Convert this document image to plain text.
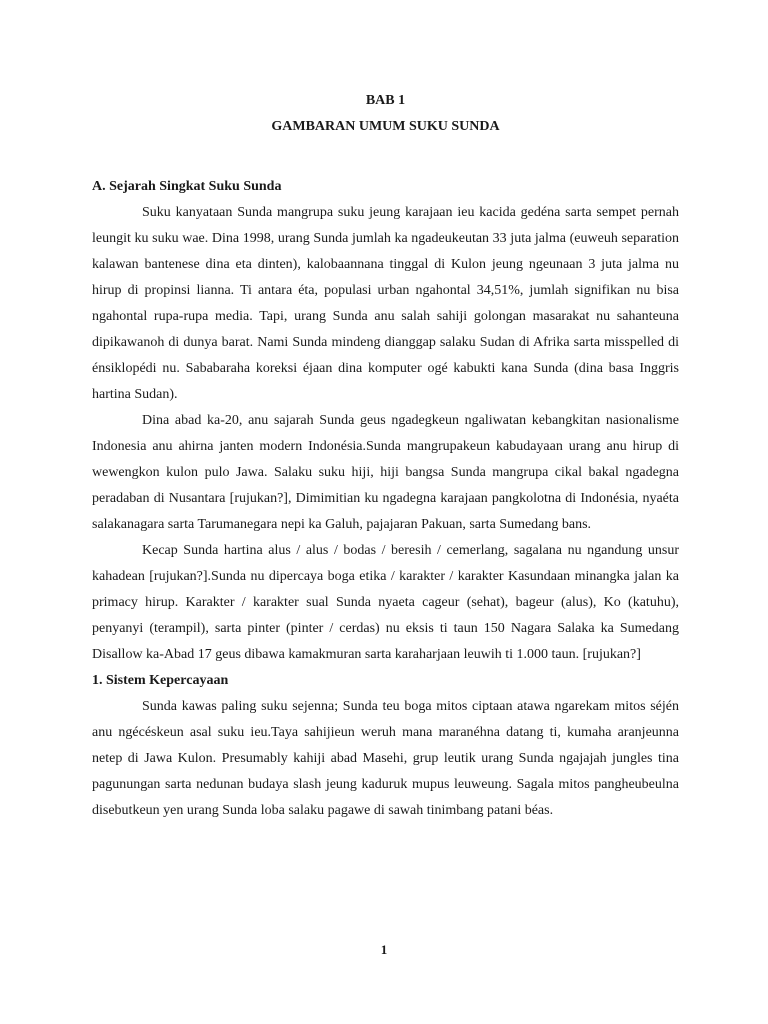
BAB 1
GAMBARAN UMUM SUKU SUNDA
A. Sejarah Singkat Suku Sunda

Suku kanyataan Sunda mangrupa suku jeung karajaan ieu kacida gedéna sarta sempet pernah leungit ku suku wae. Dina 1998, urang Sunda jumlah ka ngadeukeutan 33 juta jalma (euweuh separation kalawan bantenese dina eta dinten), kalobaannana tinggal di Kulon jeung ngeunaan 3 juta jalma nu hirup di propinsi lianna. Ti antara éta, populasi urban ngahontal 34,51%, jumlah signifikan nu bisa ngahontal rupa-rupa media. Tapi, urang Sunda anu salah sahiji golongan masarakat nu sahanteuna dipikawanoh di dunya barat. Nami Sunda mindeng dianggap salaku Sudan di Afrika sarta misspelled di énsiklopédi nu. Sababaraha koreksi éjaan dina komputer ogé kabukti kana Sunda (dina basa Inggris hartina Sudan).

Dina abad ka-20, anu sajarah Sunda geus ngadegkeun ngaliwatan kebangkitan nasionalisme Indonesia anu ahirna janten modern Indonésia.Sunda mangrupakeun kabudayaan urang anu hirup di wewengkon kulon pulo Jawa. Salaku suku hiji, hiji bangsa Sunda mangrupa cikal bakal ngadegna peradaban di Nusantara [rujukan?], Dimimitian ku ngadegna karajaan pangkolotna di Indonésia, nyaéta salakanagara sarta Tarumanegara nepi ka Galuh, pajajaran Pakuan, sarta Sumedang bans.

Kecap Sunda hartina alus / alus / bodas / beresih / cemerlang, sagalana nu ngandung unsur kahadean [rujukan?].Sunda nu dipercaya boga etika / karakter / karakter Kasundaan minangka jalan ka primacy hirup. Karakter / karakter sual Sunda nyaeta cageur (sehat), bageur (alus), Ko (katuhu), penyanyi (terampil), sarta pinter (pinter / cerdas) nu eksis ti taun 150 Nagara Salaka ka Sumedang Disallow ka-Abad 17 geus dibawa kamakmuran sarta karaharjaan leuwih ti 1.000 taun. [rujukan?]

1. Sistem Kepercayaan

Sunda kawas paling suku sejenna; Sunda teu boga mitos ciptaan atawa ngarekam mitos séjén anu ngécéskeun asal suku ieu.Taya sahijieun weruh mana maranéhna datang ti, kumaha aranjeunna netep di Jawa Kulon. Presumably kahiji abad Masehi, grup leutik urang Sunda ngajajah jungles tina pagunungan sarta nedunan budaya slash jeung kaduruk mupus leuweung. Sagala mitos pangheubeulna disebutkeun yen urang Sunda loba salaku pagawe di sawah tinimbang patani béas.

1
